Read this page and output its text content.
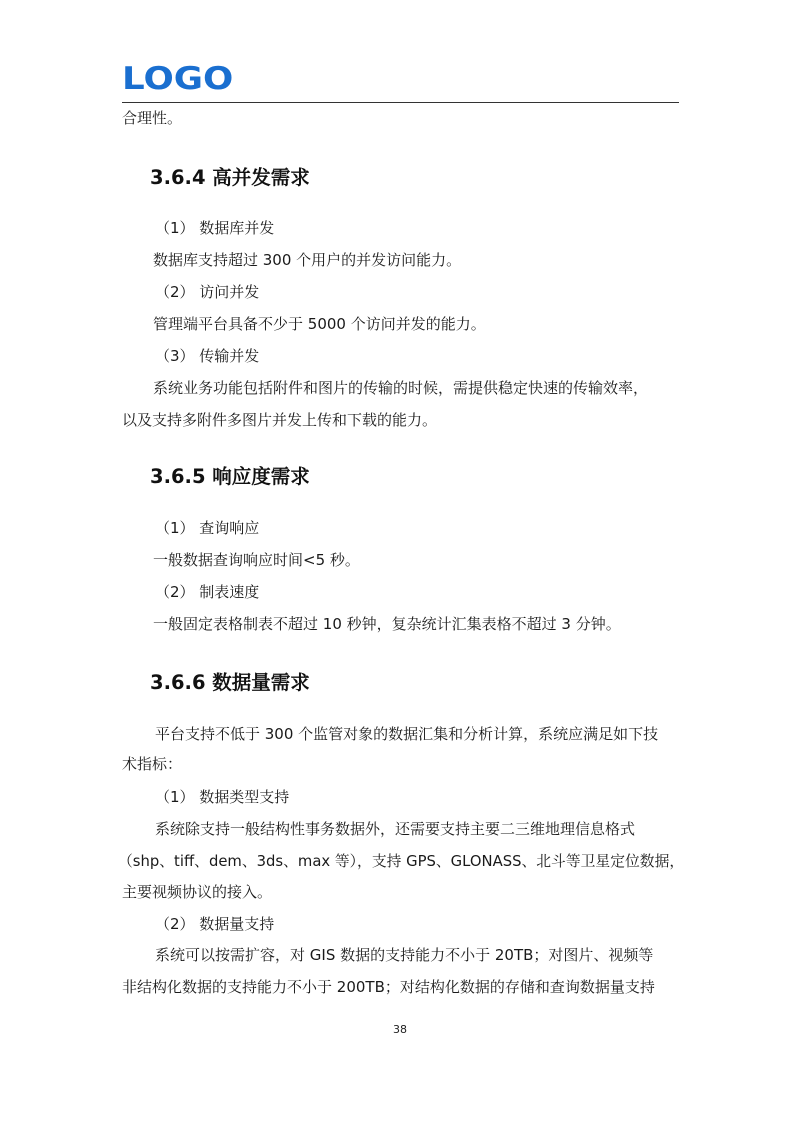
LOGO
合理性。
3.6.4 高并发需求
（1） 数据库并发
数据库支持超过 300 个用户的并发访问能力。
（2） 访问并发
管理端平台具备不少于 5000 个访问并发的能力。
（3） 传输并发
系统业务功能包括附件和图片的传输的时候，需提供稳定快速的传输效率，
以及支持多附件多图片并发上传和下载的能力。
3.6.5 响应度需求
（1） 查询响应
一般数据查询响应时间<5 秒。
（2） 制表速度
一般固定表格制表不超过 10 秒钟，复杂统计汇集表格不超过 3 分钟。
3.6.6 数据量需求
平台支持不低于 300 个监管对象的数据汇集和分析计算，系统应满足如下技
术指标：
（1） 数据类型支持
系统除支持一般结构性事务数据外，还需要支持主要二三维地理信息格式
（shp、tiff、dem、3ds、max 等），支持 GPS、GLONASS、北斗等卫星定位数据，
主要视频协议的接入。
（2） 数据量支持
系统可以按需扩容，对 GIS 数据的支持能力不小于 20TB；对图片、视频等
非结构化数据的支持能力不小于 200TB；对结构化数据的存储和查询数据量支持
38
